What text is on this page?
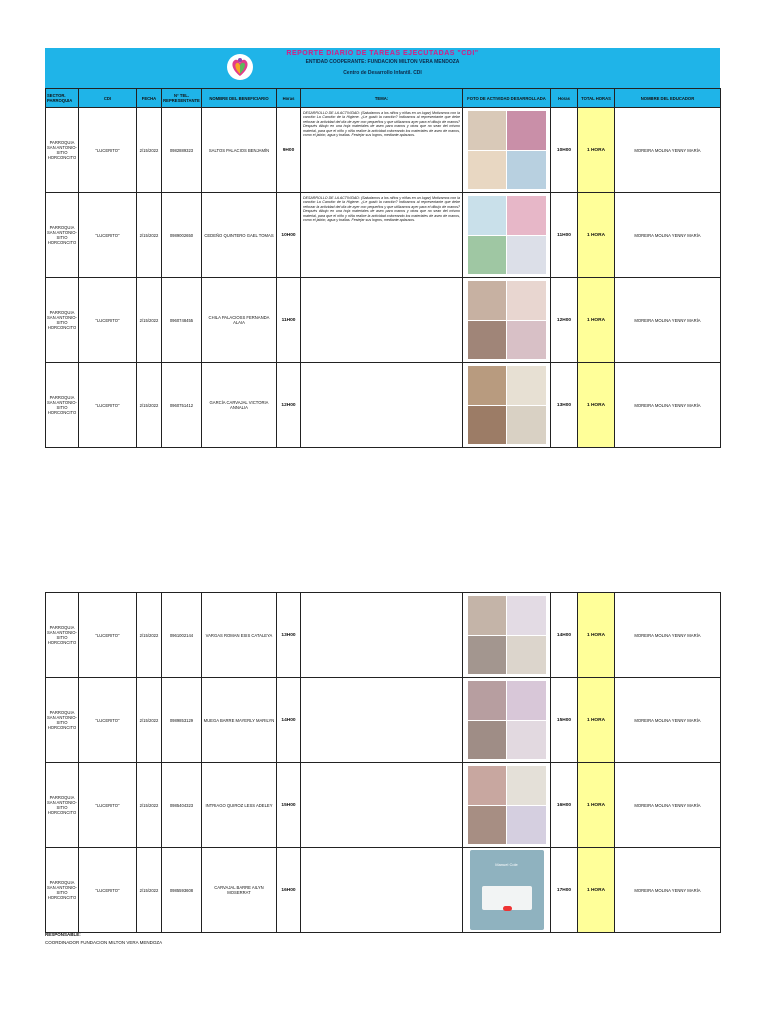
REPORTE DIARIO DE TAREAS EJECUTADAS "CDI"
ENTIDAD COOPERANTE: FUNDACION MILTON VERA MENDOZA
Centro de Desarrollo Infantil. CDI
SECTOR. PARROQUIA	CDI	FECHA	N° TEL. REPRESENTANTE	NOMBRE DEL BENEFICIARIO	Horas	TEMA:	FOTO DE ACTIVIDAD DESARROLLADA	Horas	TOTAL HORAS	NOMBRE DEL EDUCADOR
PARROQUIA SAN ANTONIO-SITIO HORCONCITO	"LUCERITO"	2/15/2022	0982889323	SALTOS PALACIOS BENJAMÍN	9H00	DESARROLLO DE LA ACTIVIDAD: (Saludamos a los niños y niñas en un lugar) Motivamos con la canción La Canción de la Higiene. ¿Le gustó la canción? Indicamos al representante que debe reforzar la actividad del día de ayer con pequeños y que utilizamos ayer para el dibujo de manos? Después dibujo en una hoja materiales de aseo para manos y otras que no sean del mismo material, para que el niño y niña realice la actividad coloreando los materiales de aseo de manos, como el jabón, agua y toallas. Festejar sus logros, mediante aplausos.		10H00	1 HORA	MOREIRA MOLINA YENNY MARÍA
PARROQUIA SAN ANTONIO-SITIO HORCONCITO	"LUCERITO"	2/15/2022	0989002650	CEDEÑO QUINTERO GAEL TOMAS	10H00	DESARROLLO DE LA ACTIVIDAD: (Saludamos a los niños y niñas en un lugar) Motivamos con la canción La Canción de la Higiene. ¿Le gustó la canción? Indicamos al representante que debe reforzar la actividad del día de ayer con pequeños y que utilizamos ayer para el dibujo de manos? Después dibujo en una hoja materiales de aseo para manos y otras que no sean del mismo material, para que el niño y niña realice la actividad coloreando los materiales de aseo de manos, como el jabón, agua y toallas. Festejar sus logros, mediante aplausos.		11H00	1 HORA	MOREIRA MOLINA YENNY MARÍA
PARROQUIA SAN ANTONIO-SITIO HORCONCITO	"LUCERITO"	2/15/2022	0960748455	CHILA PALACIOSS FERNANDA ALAIA	11H00			12H00	1 HORA	MOREIRA MOLINA YENNY MARÍA
PARROQUIA SAN ANTONIO-SITIO HORCONCITO	"LUCERITO"	2/15/2022	0960751412	GARCÍA CARVAJAL VICTORIA ANNALIA	12H00			13H00	1 HORA	MOREIRA MOLINA YENNY MARÍA
PARROQUIA SAN ANTONIO-SITIO HORCONCITO	"LUCERITO"	2/15/2022	0961002144	VARGAS ROMAN ESIS CATALEYA	13H00			14H00	1 HORA	MOREIRA MOLINA YENNY MARÍA
PARROQUIA SAN ANTONIO-SITIO HORCONCITO	"LUCERITO"	2/15/2022	0989853129	MUEGA BARRE MAYERLY MARILYN	14H00			15H00	1 HORA	MOREIRA MOLINA YENNY MARÍA
PARROQUIA SAN ANTONIO-SITIO HORCONCITO	"LUCERITO"	2/15/2022	0985404323	INTRIAGO QUIROZ LESS ADELEY	15H00			16H00	1 HORA	MOREIRA MOLINA YENNY MARÍA
PARROQUIA SAN ANTONIO-SITIO HORCONCITO	"LUCERITO"	2/15/2022	0985593608	CARVAJAL BARRE AILYN MOSERRAT	16H00		Manuel Cole	17H00	1 HORA	MOREIRA MOLINA YENNY MARÍA
RESPONSABLE:
COORDINADOR FUNDACION MILTON VERA MENDOZA
